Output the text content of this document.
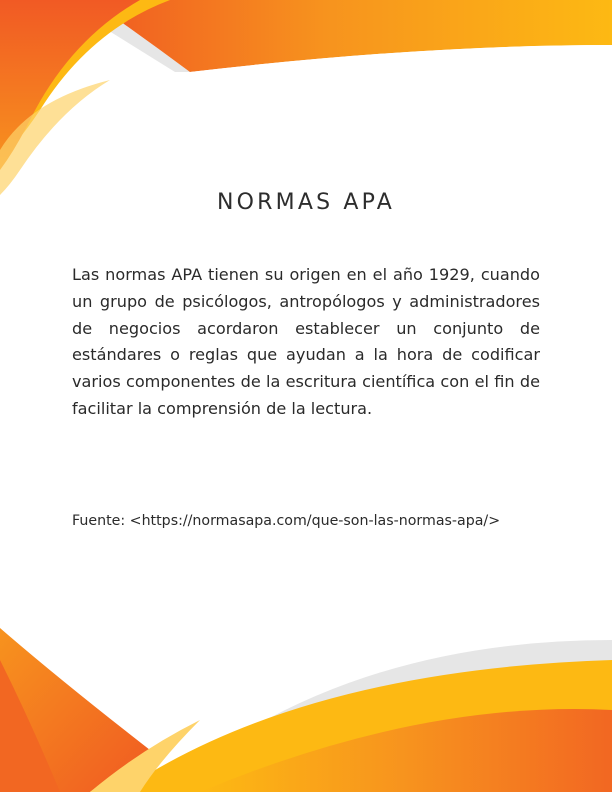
NORMAS APA

Las normas APA tienen su origen en el año 1929, cuando un grupo de psicólogos, antropólogos y administradores de negocios acordaron establecer un conjunto de estándares o reglas que ayudan a la hora de codificar varios componentes de la escritura científica con el fin de facilitar la comprensión de la lectura.

Fuente: <https://normasapa.com/que-son-las-normas-apa/>
